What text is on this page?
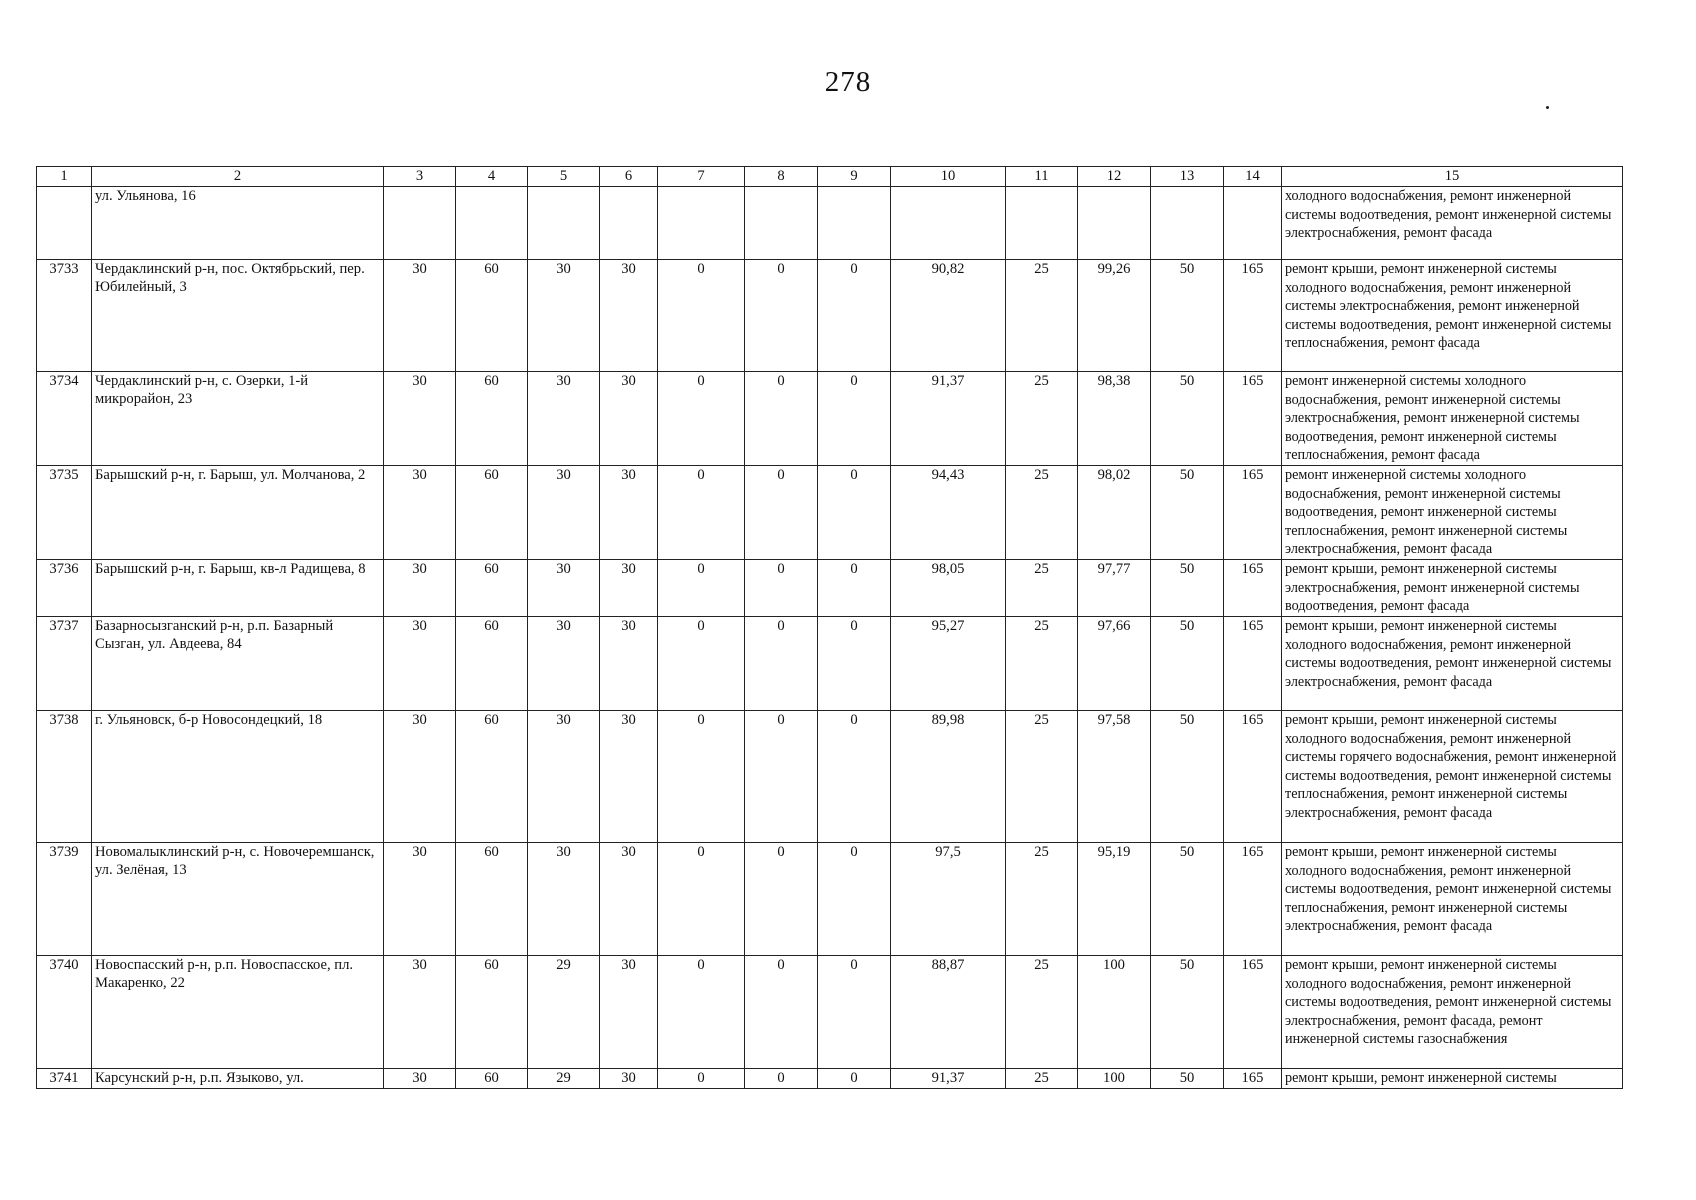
278
1	2	3	4	5	6	7	8	9	10	11	12	13	14	15
	ул. Ульянова, 16													холодного водоснабжения, ремонт инженерной системы водоотведения, ремонт инженерной системы электроснабжения, ремонт фасада
3733	Чердаклинский р-н, пос. Октябрьский, пер. Юбилейный, 3	30	60	30	30	0	0	0	90,82	25	99,26	50	165	ремонт крыши, ремонт инженерной системы холодного водоснабжения, ремонт инженерной системы электроснабжения, ремонт инженерной системы водоотведения, ремонт инженерной системы теплоснабжения, ремонт фасада
3734	Чердаклинский р-н, с. Озерки, 1-й микрорайон, 23	30	60	30	30	0	0	0	91,37	25	98,38	50	165	ремонт инженерной системы холодного водоснабжения, ремонт инженерной системы электроснабжения, ремонт инженерной системы водоотведения, ремонт инженерной системы теплоснабжения, ремонт фасада
3735	Барышский р-н, г. Барыш, ул. Молчанова, 2	30	60	30	30	0	0	0	94,43	25	98,02	50	165	ремонт инженерной системы холодного водоснабжения, ремонт инженерной системы водоотведения, ремонт инженерной системы теплоснабжения, ремонт инженерной системы электроснабжения, ремонт фасада
3736	Барышский р-н, г. Барыш, кв-л Радищева, 8	30	60	30	30	0	0	0	98,05	25	97,77	50	165	ремонт крыши, ремонт инженерной системы электроснабжения, ремонт инженерной системы водоотведения, ремонт фасада
3737	Базарносызганский р-н, р.п. Базарный Сызган, ул. Авдеева, 84	30	60	30	30	0	0	0	95,27	25	97,66	50	165	ремонт крыши, ремонт инженерной системы холодного водоснабжения, ремонт инженерной системы водоотведения, ремонт инженерной системы электроснабжения, ремонт фасада
3738	г. Ульяновск, б-р Новосондецкий, 18	30	60	30	30	0	0	0	89,98	25	97,58	50	165	ремонт крыши, ремонт инженерной системы холодного водоснабжения, ремонт инженерной системы горячего водоснабжения, ремонт инженерной системы водоотведения, ремонт инженерной системы теплоснабжения, ремонт инженерной системы электроснабжения, ремонт фасада
3739	Новомалыклинский р-н, с. Новочеремшанск, ул. Зелёная, 13	30	60	30	30	0	0	0	97,5	25	95,19	50	165	ремонт крыши, ремонт инженерной системы холодного водоснабжения, ремонт инженерной системы водоотведения, ремонт инженерной системы теплоснабжения, ремонт инженерной системы электроснабжения, ремонт фасада
3740	Новоспасский р-н, р.п. Новоспасское, пл. Макаренко, 22	30	60	29	30	0	0	0	88,87	25	100	50	165	ремонт крыши, ремонт инженерной системы холодного водоснабжения, ремонт инженерной системы водоотведения, ремонт инженерной системы электроснабжения, ремонт фасада, ремонт инженерной системы газоснабжения
3741	Карсунский р-н, р.п. Языково, ул.	30	60	29	30	0	0	0	91,37	25	100	50	165	ремонт крыши, ремонт инженерной системы
